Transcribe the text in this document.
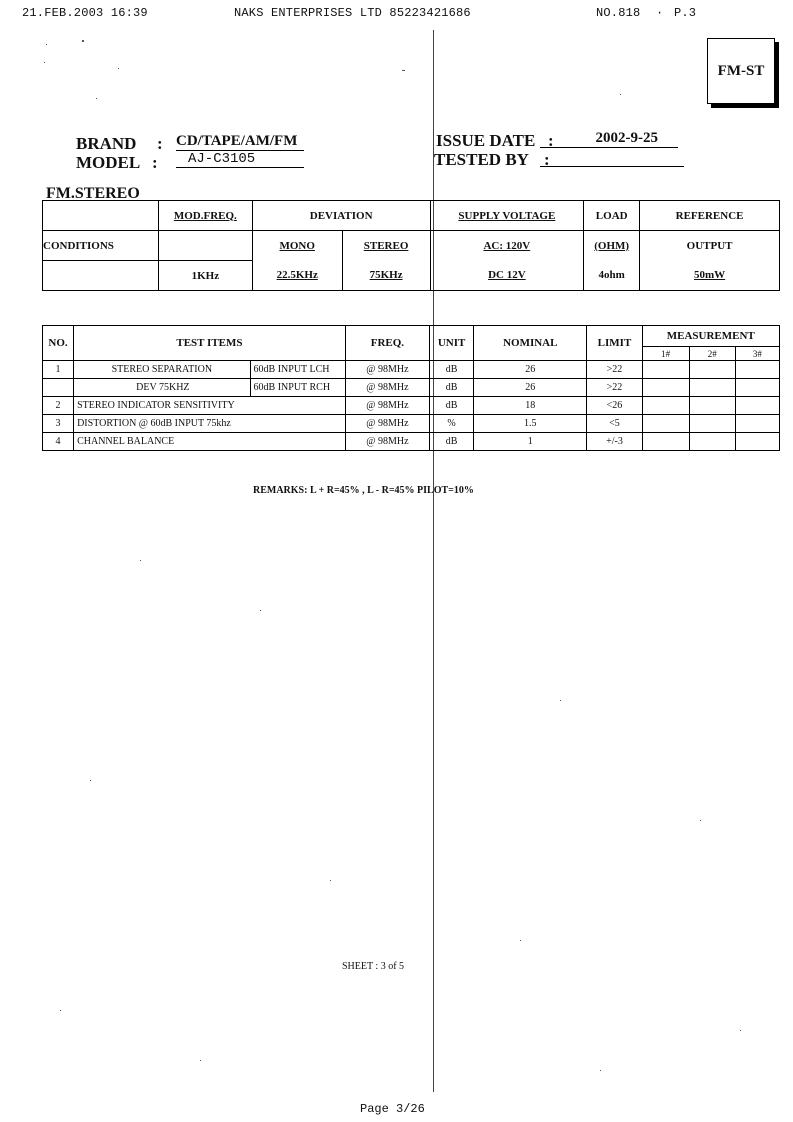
21.FEB.2003 16:39	NAKS ENTERPRISES LTD 85223421686	NO.818 · P.3
FM-ST
BRAND : CD/TAPE/AM/FM
MODEL :	AJ-C3105
ISSUE DATE :	2002-9-25
TESTED BY :
FM.STEREO
	MOD.FREQ.	DEVIATION		SUPPLY VOLTAGE	LOAD	REFERENCE
CONDITIONS		MONO	STEREO	AC: 120V	(OHM)	OUTPUT
	1KHz	22.5KHz	75KHz	DC 12V	4ohm	50mW
NO.	TEST ITEMS		FREQ.	UNIT	NOMINAL	LIMIT	MEASUREMENT		
							1#	2#	3#
1	STEREO SEPARATION	60dB INPUT LCH	@ 98MHz	dB	26	>22			
	DEV 75KHZ	60dB INPUT RCH	@ 98MHz	dB	26	>22			
2	STEREO INDICATOR SENSITIVITY		@ 98MHz	dB	18	<26			
3	DISTORTION @ 60dB INPUT 75khz		@ 98MHz	%	1.5	<5			
4	CHANNEL BALANCE		@ 98MHz	dB	1	+/-3			
REMARKS: L + R=45% , L - R=45% PILOT=10%
SHEET : 3 of 5
Page 3/26
